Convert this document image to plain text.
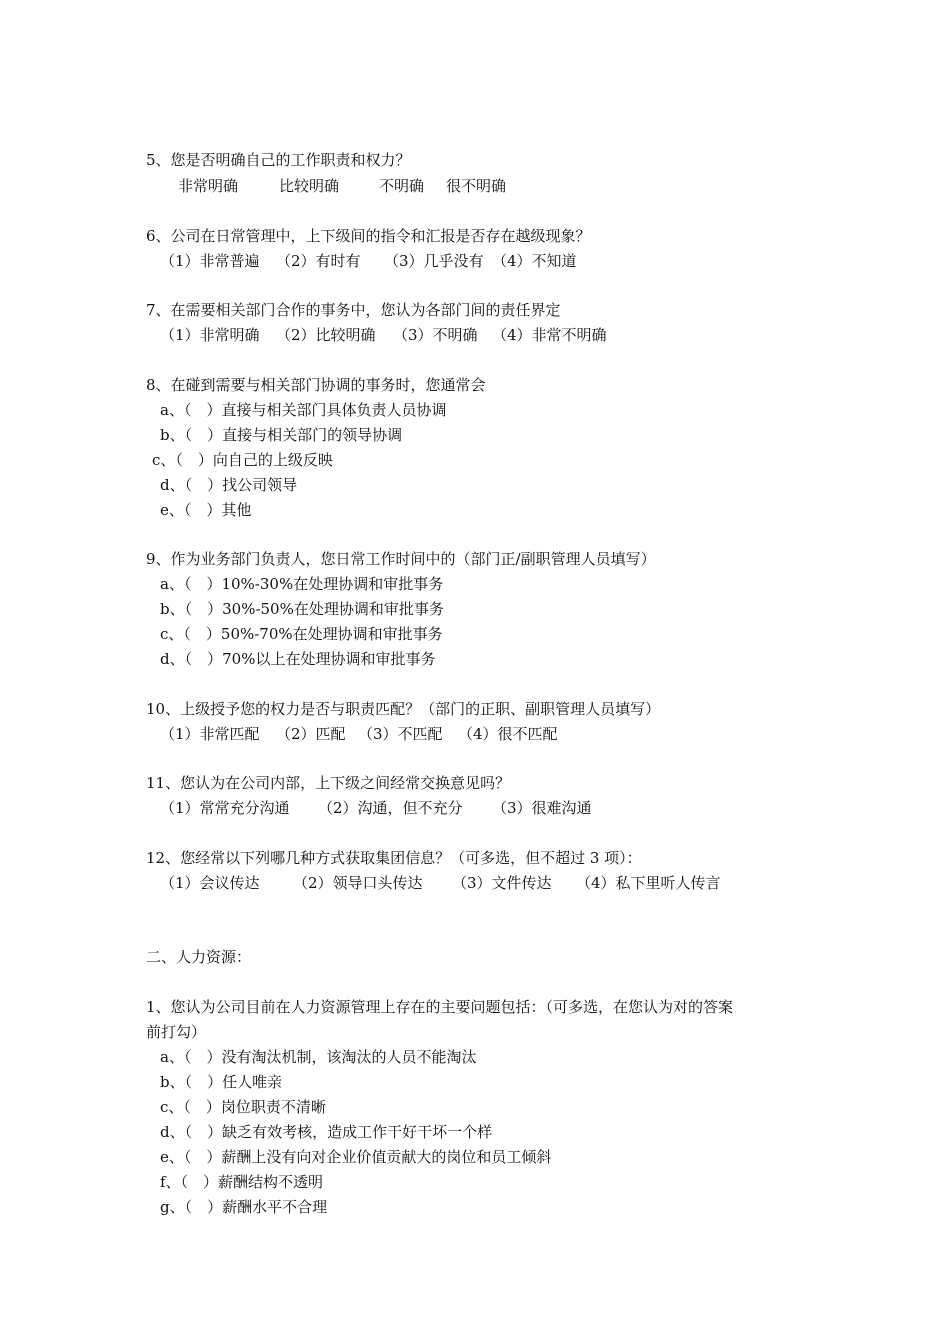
5、您是否明确自己的工作职责和权力？
非常明确	比较明确	不明确 很不明确
6、公司在日常管理中，上下级间的指令和汇报是否存在越级现象？
（1）非常普遍 （2）有时有 （3）几乎没有 （4）不知道
7、在需要相关部门合作的事务中，您认为各部门间的责任界定
（1）非常明确 （2）比较明确 （3）不明确 （4）非常不明确
8、在碰到需要与相关部门协调的事务时，您通常会
a、（　）直接与相关部门具体负责人员协调
b、（　）直接与相关部门的领导协调
c、（　）向自己的上级反映
d、（　）找公司领导
e、（　）其他
9、作为业务部门负责人，您日常工作时间中的（部门正/副职管理人员填写）
a、（　）10%-30%在处理协调和审批事务
b、（　）30%-50%在处理协调和审批事务
c、（　）50%-70%在处理协调和审批事务
d、（　）70%以上在处理协调和审批事务
10、上级授予您的权力是否与职责匹配？（部门的正职、副职管理人员填写）
（1）非常匹配 （2）匹配 （3）不匹配 （4）很不匹配
11、您认为在公司内部，上下级之间经常交换意见吗？
（1）常常充分沟通 （2）沟通，但不充分 （3）很难沟通
12、您经常以下列哪几种方式获取集团信息？（可多选，但不超过 3 项）：
（1）会议传达 （2）领导口头传达 （3）文件传达 （4）私下里听人传言
二、人力资源：
1、您认为公司目前在人力资源管理上存在的主要问题包括：（可多选，在您认为对的答案
前打勾）
a、（　）没有淘汰机制，该淘汰的人员不能淘汰
b、（　）任人唯亲
c、（　）岗位职责不清晰
d、（　）缺乏有效考核，造成工作干好干坏一个样
e、（　）薪酬上没有向对企业价值贡献大的岗位和员工倾斜
f、（　）薪酬结构不透明
g、（　）薪酬水平不合理
